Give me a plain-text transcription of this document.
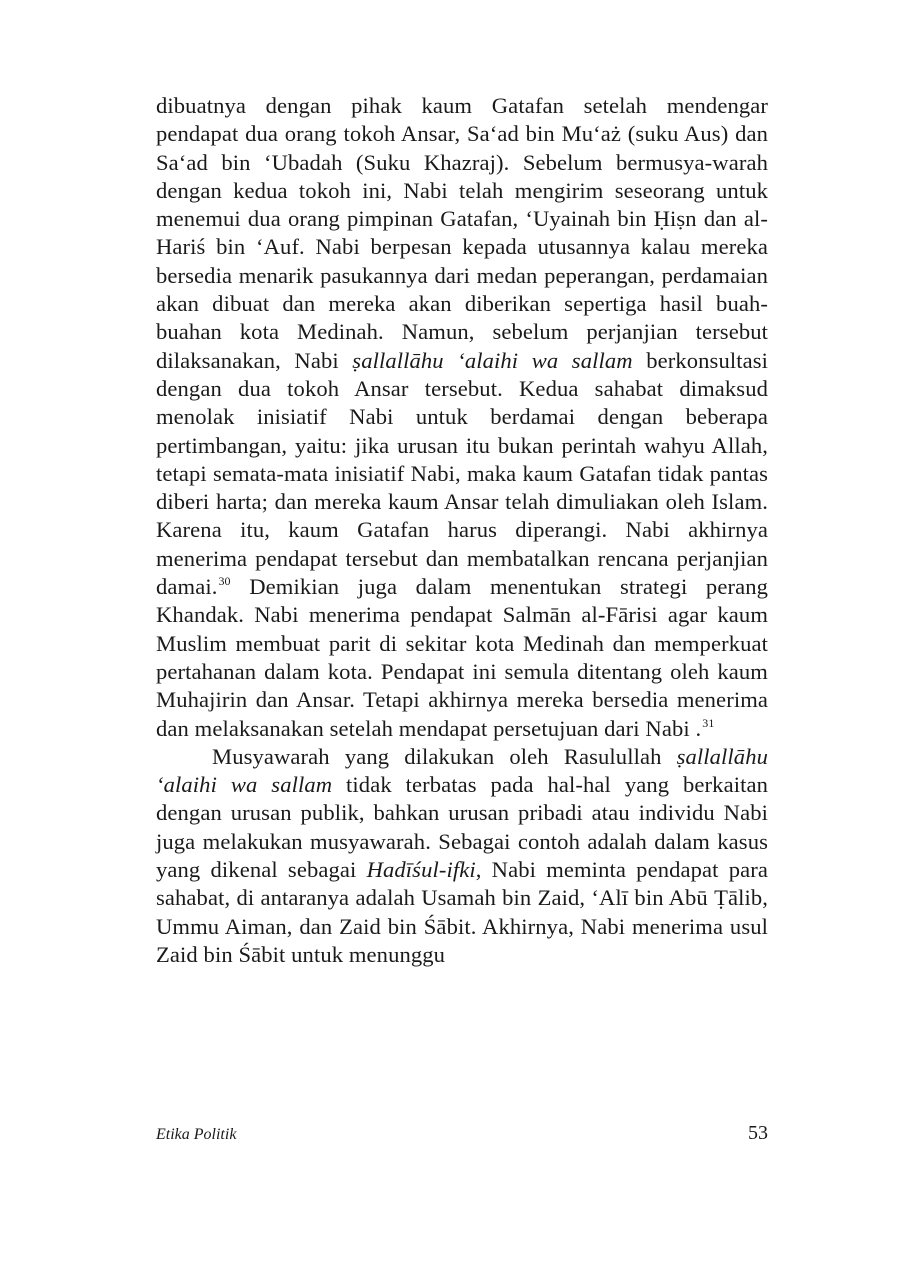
dibuatnya dengan pihak kaum Gatafan setelah mendengar pendapat dua orang tokoh Ansar, Sa‘ad bin Mu‘aż (suku Aus) dan Sa‘ad bin ‘Ubadah (Suku Khazraj). Sebelum bermusya-warah dengan kedua tokoh ini, Nabi telah mengirim seseorang untuk menemui dua orang pimpinan Gatafan, ‘Uyainah bin Ḥiṣn dan al-Hariś bin ‘Auf. Nabi berpesan kepada utusannya kalau mereka bersedia menarik pasukannya dari medan peperangan, perdamaian akan dibuat dan mereka akan diberikan sepertiga hasil buah-buahan kota Medinah. Namun, sebelum perjanjian tersebut dilaksanakan, Nabi ṣallallāhu ‘alaihi wa sallam berkonsultasi dengan dua tokoh Ansar tersebut. Kedua sahabat dimaksud menolak inisiatif Nabi untuk berdamai dengan beberapa pertimbangan, yaitu: jika urusan itu bukan perintah wahyu Allah, tetapi semata-mata inisiatif Nabi, maka kaum Gatafan tidak pantas diberi harta; dan mereka kaum Ansar telah dimuliakan oleh Islam. Karena itu, kaum Gatafan harus diperangi. Nabi akhirnya menerima pendapat tersebut dan membatalkan rencana perjanjian damai.$^{30}$ Demikian juga dalam menentukan strategi perang Khandak. Nabi menerima pendapat Salmān al-Fārisi agar kaum Muslim membuat parit di sekitar kota Medinah dan memperkuat pertahanan dalam kota. Pendapat ini semula ditentang oleh kaum Muhajirin dan Ansar. Tetapi akhirnya mereka bersedia menerima dan melaksanakan setelah mendapat persetujuan dari Nabi .$^{31}$

Musyawarah yang dilakukan oleh Rasulullah ṣallallāhu ‘alaihi wa sallam tidak terbatas pada hal-hal yang berkaitan dengan urusan publik, bahkan urusan pribadi atau individu Nabi juga melakukan musyawarah. Sebagai contoh adalah dalam kasus yang dikenal sebagai Hadīśul-ifki, Nabi meminta pendapat para sahabat, di antaranya adalah Usamah bin Zaid, ‘Alī bin Abū Ṭālib, Ummu Aiman, dan Zaid bin Śābit. Akhirnya, Nabi menerima usul Zaid bin Śābit untuk menunggu

Etika Politik	53
